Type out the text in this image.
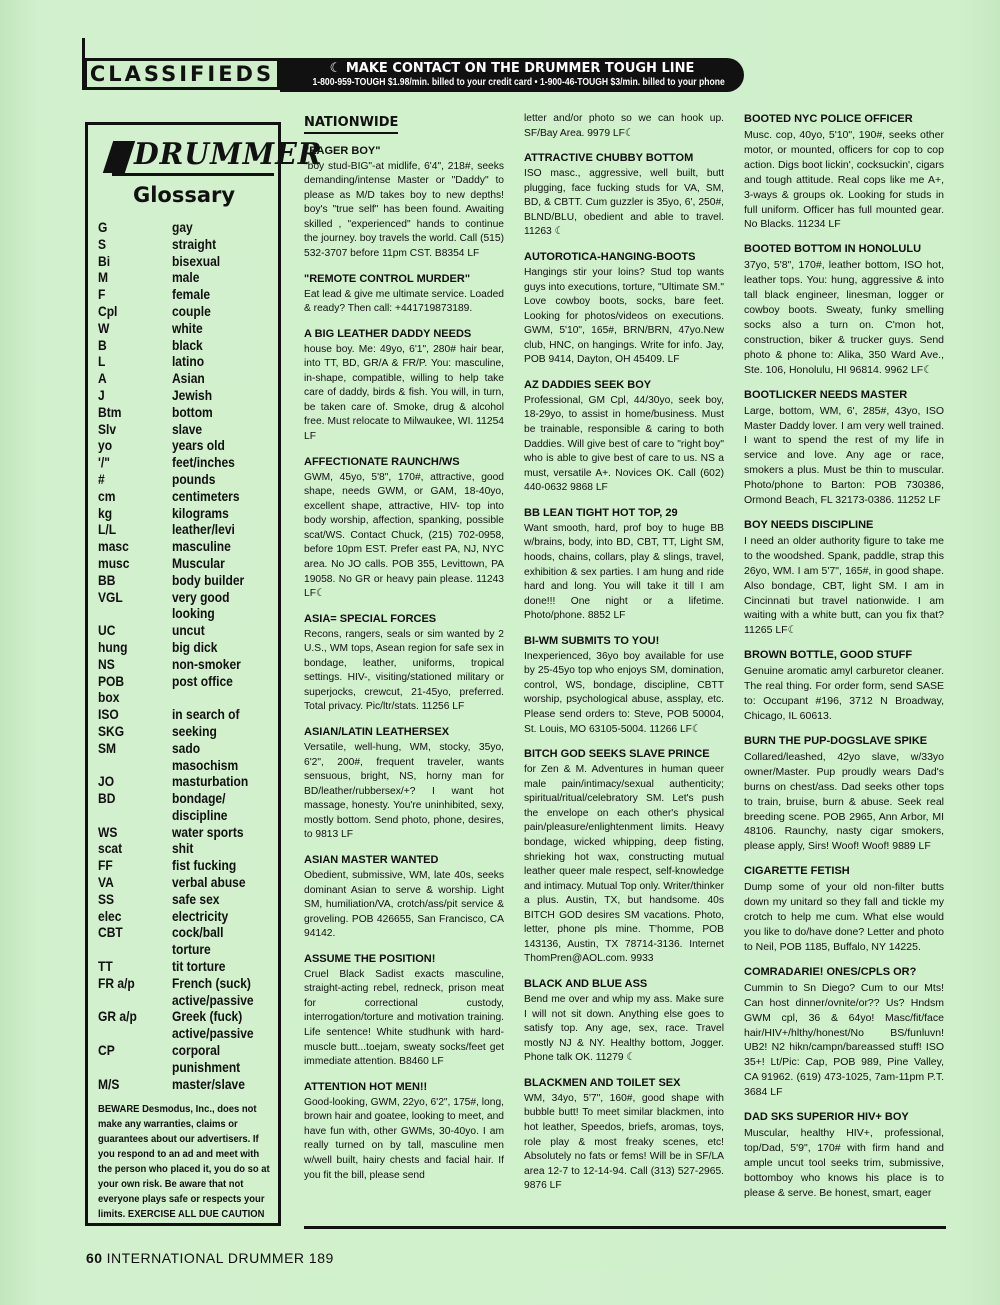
CLASSIFIEDS	☾ MAKE CONTACT ON THE DRUMMER TOUGH LINE
1-800-959-TOUGH $1.98/min. billed to your credit card • 1-900-46-TOUGH $3/min. billed to your phone
DRUMMER
Glossary
G	gay
S	straight
Bi	bisexual
M	male
F	female
Cpl	couple
W	white
B	black
L	latino
A	Asian
J	Jewish
Btm	bottom
Slv	slave
yo	years old
'/"	feet/inches
#	pounds
cm	centimeters
kg	kilograms
L/L	leather/levi
masc	masculine
musc	Muscular
BB	body builder
VGL	very good
looking
UC	uncut
hung	big dick
NS	non-smoker
POB	post office
box
ISO	in search of
SKG	seeking
SM	sado
masochism
JO	masturbation
BD	bondage/
discipline
WS	water sports
scat	shit
FF	fist fucking
VA	verbal abuse
SS	safe sex
elec	electricity
CBT	cock/ball
torture
TT	tit torture
FR a/p	French (suck)
active/passive
GR a/p	Greek (fuck)
active/passive
CP	corporal
punishment
M/S	master/slave
BEWARE Desmodus, Inc., does not make any warranties, claims or guarantees about our advertisers. If you respond to an ad and meet with the person who placed it, you do so at your own risk. Be aware that not everyone plays safe or respects your limits. EXERCISE ALL DUE CAUTION
NATIONWIDE
"EAGER BOY"

"boy stud-BIG"-at midlife, 6'4", 218#, seeks demanding/intense Master or "Daddy" to please as M/D takes boy to new depths! boy's "true self" has been found. Awaiting skilled , "experienced" hands to continue the journey. boy travels the world. Call (515) 532-3707 before 11pm CST. B8354 LF

"REMOTE CONTROL MURDER"

Eat lead & give me ultimate service. Loaded & ready? Then call: +441719873189.

A BIG LEATHER DADDY NEEDS

house boy. Me: 49yo, 6'1", 280# hair bear, into TT, BD, GR/A & FR/P. You: masculine, in-shape, compatible, willing to help take care of daddy, birds & fish. You will, in turn, be taken care of. Smoke, drug & alcohol free. Must relocate to Milwaukee, WI. 11254 LF

AFFECTIONATE RAUNCH/WS

GWM, 45yo, 5'8", 170#, attractive, good shape, needs GWM, or GAM, 18-40yo, excellent shape, attractive, HIV- top into body worship, affection, spanking, possible scat/WS. Contact Chuck, (215) 702-0958, before 10pm EST. Prefer east PA, NJ, NYC area. No JO calls. POB 355, Levittown, PA 19058. No GR or heavy pain please. 11243 LF☾

ASIA= SPECIAL FORCES

Recons, rangers, seals or sim wanted by 2 U.S., WM tops, Asean region for safe sex in bondage, leather, uniforms, tropical settings. HIV-, visiting/stationed military or superjocks, crewcut, 21-45yo, preferred. Total privacy. Pic/ltr/stats. 11256 LF

ASIAN/LATIN LEATHERSEX

Versatile, well-hung, WM, stocky, 35yo, 6'2", 200#, frequent traveler, wants sensuous, bright, NS, horny man for BD/leather/rubbersex/+? I want hot massage, honesty. You're uninhibited, sexy, mostly bottom. Send photo, phone, desires, to 9813 LF

ASIAN MASTER WANTED

Obedient, submissive, WM, late 40s, seeks dominant Asian to serve & worship. Light SM, humiliation/VA, crotch/ass/pit service & groveling. POB 426655, San Francisco, CA 94142.

ASSUME THE POSITION!

Cruel Black Sadist exacts masculine, straight-acting rebel, redneck, prison meat for correctional custody, interrogation/torture and motivation training. Life sentence! White studhunk with hard-muscle butt...toejam, sweaty socks/feet get immediate attention. B8460 LF

ATTENTION HOT MEN!!

Good-looking, GWM, 22yo, 6'2", 175#, long, brown hair and goatee, looking to meet, and have fun with, other GWMs, 30-40yo. I am really turned on by tall, masculine men w/well built, hairy chests and facial hair. If you fit the bill, please send

letter and/or photo so we can hook up. SF/Bay Area. 9979 LF☾

ATTRACTIVE CHUBBY BOTTOM

ISO masc., aggressive, well built, butt plugging, face fucking studs for VA, SM, BD, & CBTT. Cum guzzler is 35yo, 6', 250#, BLND/BLU, obedient and able to travel. 11263 ☾

AUTOROTICA-HANGING-BOOTS

Hangings stir your loins? Stud top wants guys into executions, torture, "Ultimate SM." Love cowboy boots, socks, bare feet. Looking for photos/videos on executions. GWM, 5'10", 165#, BRN/BRN, 47yo.New club, HNC, on hangings. Write for info. Jay, POB 9414, Dayton, OH 45409. LF

AZ DADDIES SEEK BOY

Professional, GM Cpl, 44/30yo, seek boy, 18-29yo, to assist in home/business. Must be trainable, responsible & caring to both Daddies. Will give best of care to "right boy" who is able to give best of care to us. NS a must, versatile A+. Novices OK. Call (602) 440-0632 9868 LF

BB LEAN TIGHT HOT TOP, 29

Want smooth, hard, prof boy to huge BB w/brains, body, into BD, CBT, TT, Light SM, hoods, chains, collars, play & slings, travel, exhibition & sex parties. I am hung and ride hard and long. You will take it till I am done!!! One night or a lifetime. Photo/phone. 8852 LF

BI-WM SUBMITS TO YOU!

Inexperienced, 36yo boy available for use by 25-45yo top who enjoys SM, domination, control, WS, bondage, discipline, CBTT worship, psychological abuse, assplay, etc. Please send orders to: Steve, POB 50004, St. Louis, MO 63105-5004. 11266 LF☾

BITCH GOD SEEKS SLAVE PRINCE

for Zen & M. Adventures in human queer male pain/intimacy/sexual authenticity; spiritual/ritual/celebratory SM. Let's push the envelope on each other's physical pain/pleasure/enlightenment limits. Heavy bondage, wicked whipping, deep fisting, shrieking hot wax, constructing mutual leather queer male respect, self-knowledge and intimacy. Mutual Top only. Writer/thinker a plus. Austin, TX, but handsome. 40s BITCH GOD desires SM vacations. Photo, letter, phone pls mine. T'homme, POB 143136, Austin, TX 78714-3136. Internet ThomPren@AOL.com. 9933

BLACK AND BLUE ASS

Bend me over and whip my ass. Make sure I will not sit down. Anything else goes to satisfy top. Any age, sex, race. Travel mostly NJ & NY. Healthy bottom, Jogger. Phone talk OK. 11279 ☾

BLACKMEN AND TOILET SEX

WM, 34yo, 5'7", 160#, good shape with bubble butt! To meet similar blackmen, into hot leather, Speedos, briefs, aromas, toys, role play & most freaky scenes, etc! Absolutely no fats or fems! Will be in SF/LA area 12-7 to 12-14-94. Call (313) 527-2965. 9876 LF

BOOTED NYC POLICE OFFICER

Musc. cop, 40yo, 5'10", 190#, seeks other motor, or mounted, officers for cop to cop action. Digs boot lickin', cocksuckin', cigars and tough attitude. Real cops like me A+, 3-ways & groups ok. Looking for studs in full uniform. Officer has full mounted gear. No Blacks. 11234 LF

BOOTED BOTTOM IN HONOLULU

37yo, 5'8", 170#, leather bottom, ISO hot, leather tops. You: hung, aggressive & into tall black engineer, linesman, logger or cowboy boots. Sweaty, funky smelling socks also a turn on. C'mon hot, construction, biker & trucker guys. Send photo & phone to: Alika, 350 Ward Ave., Ste. 106, Honolulu, HI 96814. 9962 LF☾

BOOTLICKER NEEDS MASTER

Large, bottom, WM, 6', 285#, 43yo, ISO Master Daddy lover. I am very well trained. I want to spend the rest of my life in service and love. Any age or race, smokers a plus. Must be thin to muscular. Photo/phone to Barton: POB 730386, Ormond Beach, FL 32173-0386. 11252 LF

BOY NEEDS DISCIPLINE

I need an older authority figure to take me to the woodshed. Spank, paddle, strap this 26yo, WM. I am 5'7", 165#, in good shape. Also bondage, CBT, light SM. I am in Cincinnati but travel nationwide. I am waiting with a white butt, can you fix that? 11265 LF☾

BROWN BOTTLE, GOOD STUFF

Genuine aromatic amyl carburetor cleaner. The real thing. For order form, send SASE to: Occupant #196, 3712 N Broadway, Chicago, IL 60613.

BURN THE PUP-DOGSLAVE SPIKE

Collared/leashed, 42yo slave, w/33yo owner/Master. Pup proudly wears Dad's burns on chest/ass. Dad seeks other tops to train, bruise, burn & abuse. Seek real breeding scene. POB 2965, Ann Arbor, MI 48106. Raunchy, nasty cigar smokers, please apply, Sirs! Woof! Woof! 9889 LF

CIGARETTE FETISH

Dump some of your old non-filter butts down my unitard so they fall and tickle my crotch to help me cum. What else would you like to do/have done? Letter and photo to Neil, POB 1185, Buffalo, NY 14225.

COMRADARIE! ONES/CPLS OR?

Cummin to Sn Diego? Cum to our Mts! Can host dinner/ovnite/or?? Us? Hndsm GWM cpl, 36 & 64yo! Masc/fit/face hair/HIV+/hlthy/honest/No BS/funluvn! UB2! N2 hikn/campn/bareassed stuff! ISO 35+! Lt/Pic: Cap, POB 989, Pine Valley, CA 91962. (619) 473-1025, 7am-11pm P.T. 3684 LF

DAD SKS SUPERIOR HIV+ BOY

Muscular, healthy HIV+, professional, top/Dad, 5'9", 170# with firm hand and ample uncut tool seeks trim, submissive, bottomboy who knows his place is to please & serve. Be honest, smart, eager

60 INTERNATIONAL DRUMMER 189
